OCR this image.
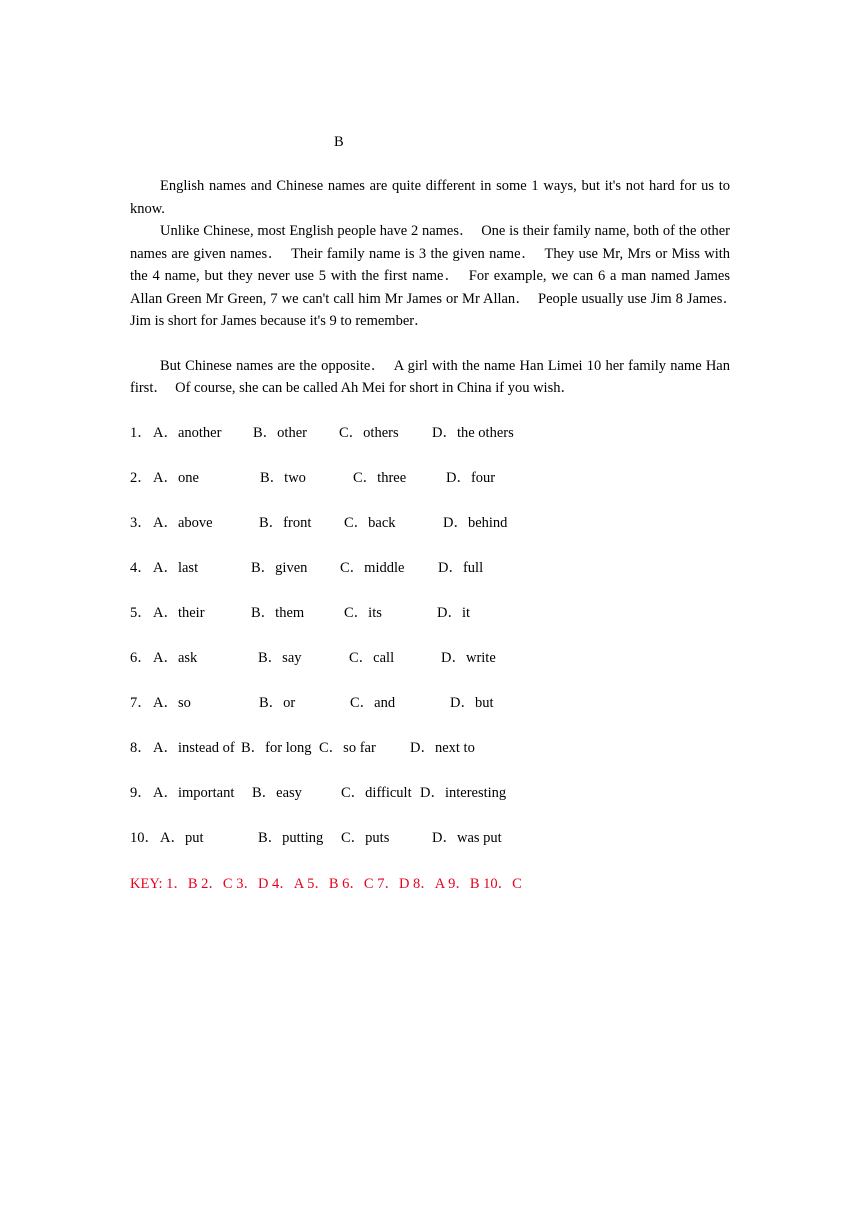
B

English names and Chinese names are quite different in some 1 ways, but it's not hard for us to know.

Unlike Chinese, most English people have 2 names．　One is their family name, both of the other names are given names．　Their family name is 3 the given name．　They use Mr, Mrs or Miss with the 4 name, but they never use 5 with the first name．　For example, we can 6 a man named James Allan Green Mr Green, 7 we can't call him Mr James or Mr Allan．　People usually use Jim 8 James．　Jim is short for James because it's 9 to remember．

But Chinese names are the opposite．　A girl with the name Han Limei 10 her family name Han first．　Of course, she can be called Ah Mei for short in China if you wish．

1． A．another B．other C．others D．the others
2． A．one	B．two	C．three	D．four
3． A．above	B．front C．back	D．behind
4． A．last	B．given C．middle D．full
5． A．their	B．them	C．its	D．it
6． A．ask	B．say	C．call	D．write
7． A．so	B．or	C．and	D．but
8． A．instead of B．for long C．so far D．next to
9． A．important B．easy	C．difficult D．interesting
10． A．put	B．putting C．puts	D．was put
KEY: 1．B 2．C 3．D 4．A 5．B 6．C 7．D 8．A 9．B 10．C
